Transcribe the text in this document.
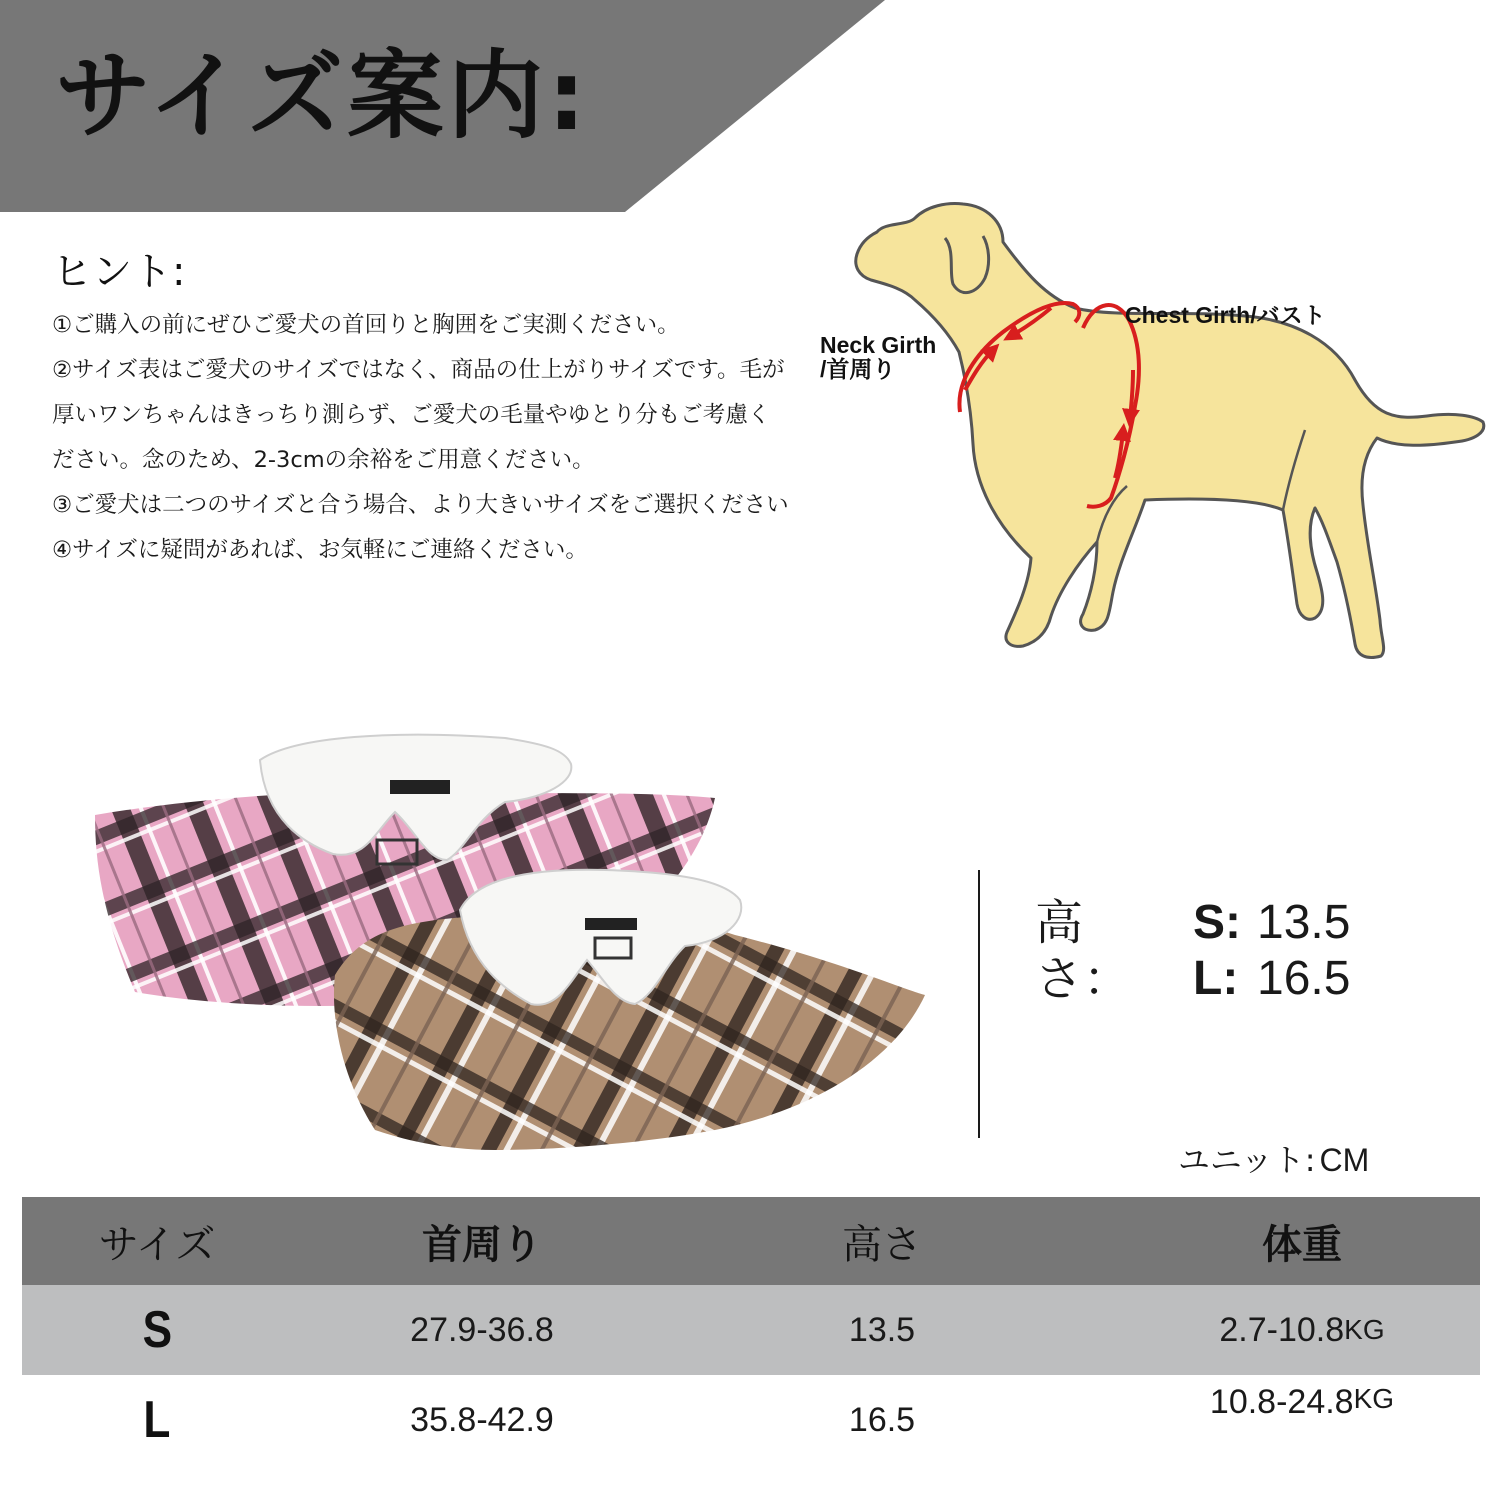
サイズ案内:
ヒント:
①ご購入の前にぜひご愛犬の首回りと胸囲をご実測ください。
②サイズ表はご愛犬のサイズではなく、商品の仕上がりサイズです。毛が厚いワンちゃんはきっちり測らず、ご愛犬の毛量やゆとり分もご考慮ください。念のため、2-3cmの余裕をご用意ください。
③ご愛犬は二つのサイズと合う場合、より大きいサイズをご選択ください
④サイズに疑問があれば、お気軽にご連絡ください。
Chest Girth/バスト
Neck Girth
/首周り
高さ：
S: 13.5
L: 16.5
ユニット: CM
サイズ	首周り	高さ	体重
S	27.9-36.8	13.5	2.7-10.8 KG
L	35.8-42.9	16.5	10.8-24.8 KG
